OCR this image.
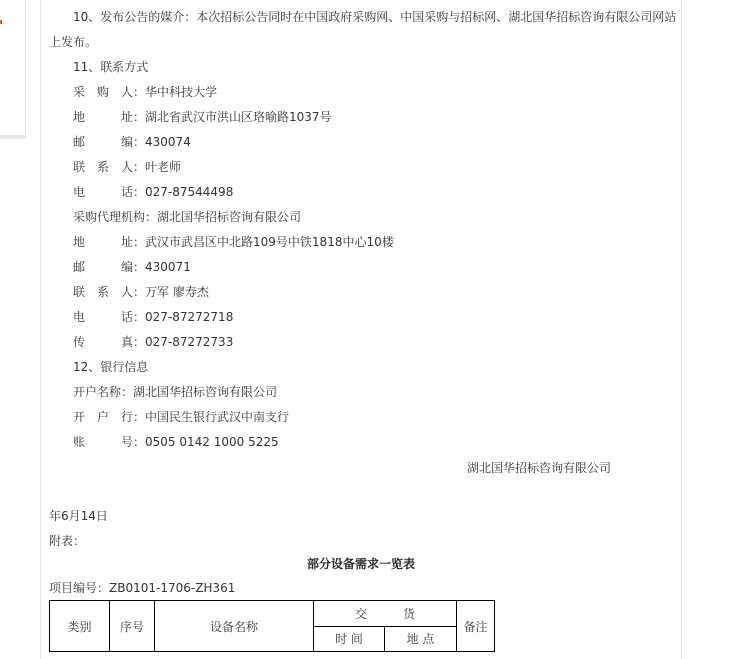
10、发布公告的媒介：本次招标公告同时在中国政府采购网、中国采购与招标网、湖北国华招标咨询有限公司网站
上发布。
11、联系方式
采购人：华中科技大学
地址：湖北省武汉市洪山区珞喻路1037号
邮编：430074
联系人：叶老师
电话：027-87544498
采购代理机构：湖北国华招标咨询有限公司
地址：武汉市武昌区中北路109号中铁1818中心10楼
邮编：430071
联系人：万军 廖寿杰
电话：027-87272718
传真：027-87272733
12、银行信息
开户名称：湖北国华招标咨询有限公司
开户行：中国民生银行武汉中南支行
账号：0505 0142 1000 5225
湖北国华招标咨询有限公司
年6月14日
附表：
部分设备需求一览表
项目编号：ZB0101-1706-ZH361
类别	序号	设备名称	交　　　货		备注
			时 间	地 点	
